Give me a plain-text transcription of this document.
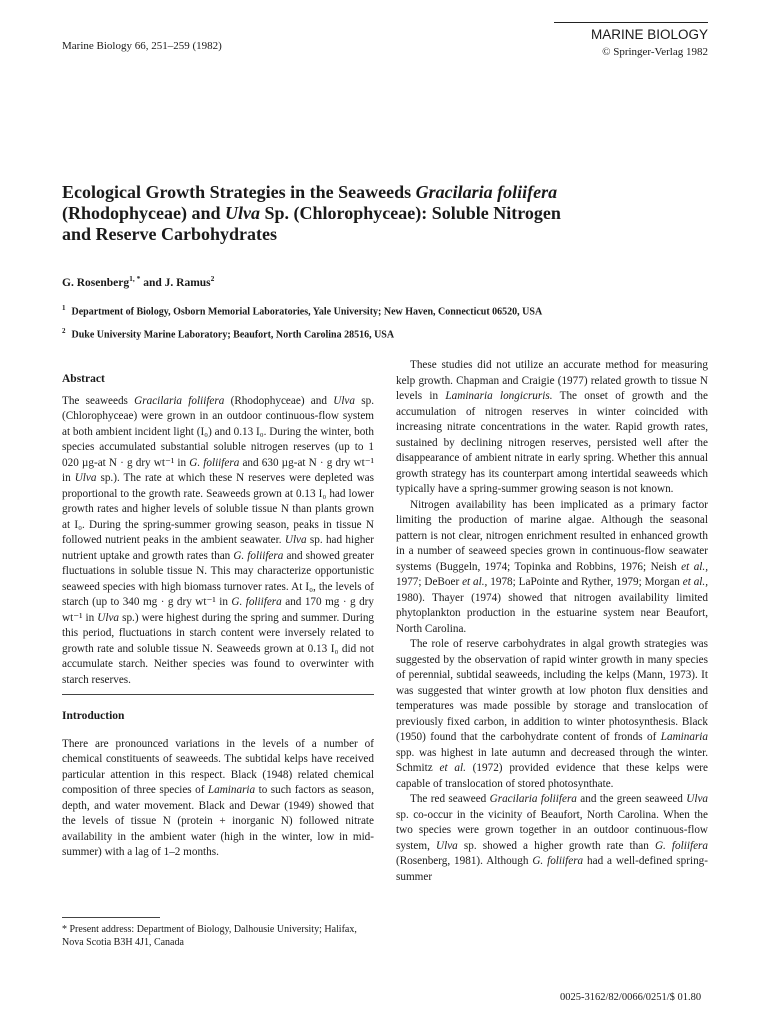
Marine Biology 66, 251–259 (1982)
MARINE BIOLOGY
© Springer-Verlag 1982
Ecological Growth Strategies in the Seaweeds Gracilaria foliifera
(Rhodophyceae) and Ulva Sp. (Chlorophyceae): Soluble Nitrogen
and Reserve Carbohydrates
G. Rosenberg$^{1, *}$ and J. Ramus$^2$
$^1$ Department of Biology, Osborn Memorial Laboratories, Yale University; New Haven, Connecticut 06520, USA
$^2$ Duke University Marine Laboratory; Beaufort, North Carolina 28516, USA
Abstract

The seaweeds Gracilaria foliifera (Rhodophyceae) and Ulva sp. (Chlorophyceae) were grown in an outdoor continuous-flow system at both ambient incident light (I₀) and 0.13 I₀. During the winter, both species accumulated substantial soluble nitrogen reserves (up to 1 020 µg-at N · g dry wt⁻¹ in G. foliifera and 630 µg-at N · g dry wt⁻¹ in Ulva sp.). The rate at which these N reserves were depleted was proportional to the growth rate. Seaweeds grown at 0.13 I₀ had lower growth rates and higher levels of soluble tissue N than plants grown at I₀. During the spring-summer growing season, peaks in tissue N followed nutrient peaks in the ambient seawater. Ulva sp. had higher nutrient uptake and growth rates than G. foliifera and showed greater fluctuations in soluble tissue N. This may characterize opportunistic seaweed species with high biomass turnover rates. At I₀, the levels of starch (up to 340 mg · g dry wt⁻¹ in G. foliifera and 170 mg · g dry wt⁻¹ in Ulva sp.) were highest during the spring and summer. During this period, fluctuations in starch content were inversely related to growth rate and soluble tissue N. Seaweeds grown at 0.13 I₀ did not accumulate starch. Neither species was found to overwinter with starch reserves.

Introduction

There are pronounced variations in the levels of a number of chemical constituents of seaweeds. The subtidal kelps have received particular attention in this respect. Black (1948) related chemical composition of three species of Laminaria to such factors as season, depth, and water movement. Black and Dewar (1949) showed that the levels of tissue N (protein + inorganic N) followed nitrate availability in the ambient water (high in the winter, low in mid-summer) with a lag of 1–2 months.

These studies did not utilize an accurate method for measuring kelp growth. Chapman and Craigie (1977) related growth to tissue N levels in Laminaria longicruris. The onset of growth and the accumulation of nitrogen reserves in winter coincided with increasing nitrate concentrations in the water. Rapid growth rates, sustained by declining nitrogen reserves, persisted well after the disappearance of ambient nitrate in early spring. Whether this annual growth strategy has its counterpart among intertidal seaweeds which typically have a spring-summer growing season is not known.

Nitrogen availability has been implicated as a primary factor limiting the production of marine algae. Although the seasonal pattern is not clear, nitrogen enrichment resulted in enhanced growth in a number of seaweed species grown in continuous-flow seawater systems (Buggeln, 1974; Topinka and Robbins, 1976; Neish et al., 1977; DeBoer et al., 1978; LaPointe and Ryther, 1979; Morgan et al., 1980). Thayer (1974) showed that nitrogen availability limited phytoplankton production in the estuarine system near Beaufort, North Carolina.

The role of reserve carbohydrates in algal growth strategies was suggested by the observation of rapid winter growth in many species of perennial, subtidal seaweeds, including the kelps (Mann, 1973). It was suggested that winter growth at low photon flux densities and temperatures was made possible by storage and translocation of previously fixed carbon, in addition to winter photosynthesis. Black (1950) found that the carbohydrate content of fronds of Laminaria spp. was highest in late autumn and decreased through the winter. Schmitz et al. (1972) provided evidence that these kelps were capable of translocation of stored photosynthate.

The red seaweed Gracilaria foliifera and the green seaweed Ulva sp. co-occur in the vicinity of Beaufort, North Carolina. When the two species were grown together in an outdoor continuous-flow system, Ulva sp. showed a higher growth rate than G. foliifera (Rosenberg, 1981). Although G. foliifera had a well-defined spring-summer

* Present address: Department of Biology, Dalhousie University; Halifax, Nova Scotia B3H 4J1, Canada
0025-3162/82/0066/0251/$ 01.80
